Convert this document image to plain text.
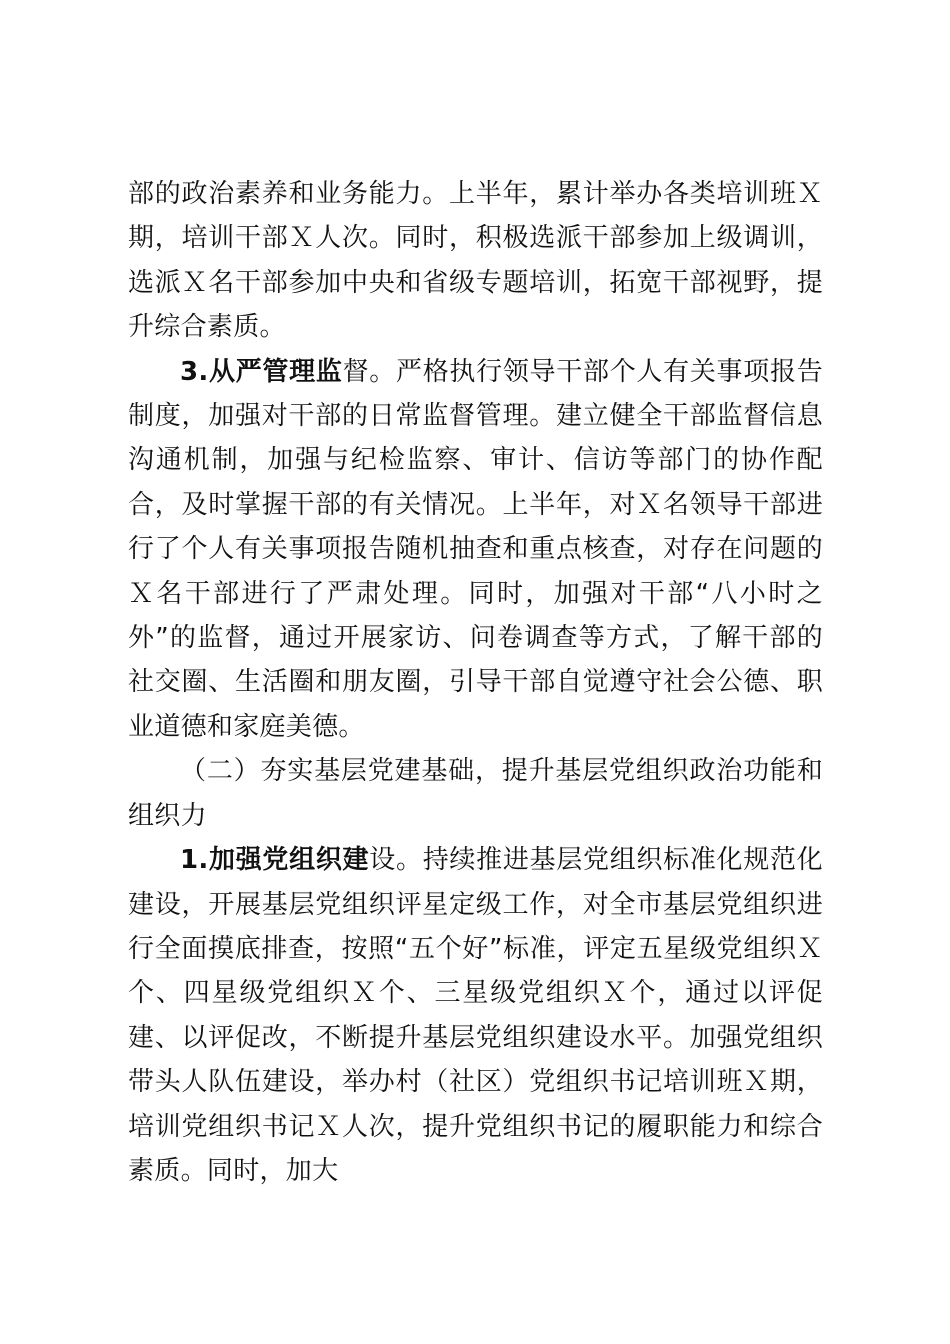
部的政治素养和业务能力。上半年，累计举办各类培训班Ｘ期，培训干部Ｘ人次。同时，积极选派干部参加上级调训，选派Ｘ名干部参加中央和省级专题培训，拓宽干部视野，提升综合素质。

3.从严管理监督。严格执行领导干部个人有关事项报告制度，加强对干部的日常监督管理。建立健全干部监督信息沟通机制，加强与纪检监察、审计、信访等部门的协作配合，及时掌握干部的有关情况。上半年，对Ｘ名领导干部进行了个人有关事项报告随机抽查和重点核查，对存在问题的Ｘ名干部进行了严肃处理。同时，加强对干部“八小时之外”的监督，通过开展家访、问卷调查等方式，了解干部的社交圈、生活圈和朋友圈，引导干部自觉遵守社会公德、职业道德和家庭美德。

（二）夯实基层党建基础，提升基层党组织政治功能和组织力

1.加强党组织建设。持续推进基层党组织标准化规范化建设，开展基层党组织评星定级工作，对全市基层党组织进行全面摸底排查，按照“五个好”标准，评定五星级党组织Ｘ个、四星级党组织Ｘ个、三星级党组织Ｘ个，通过以评促建、以评促改，不断提升基层党组织建设水平。加强党组织带头人队伍建设，举办村（社区）党组织书记培训班Ｘ期，培训党组织书记Ｘ人次，提升党组织书记的履职能力和综合素质。同时，加大
